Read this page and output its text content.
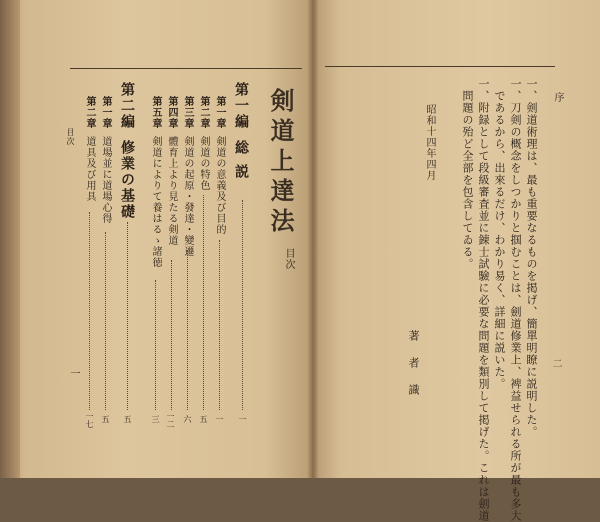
剣道上達法
目次
第一編
総説
一
第一章
剣道の意義及び目的
一
第二章
剣道の特色
五
第三章
剣道の起原・發達・變遷
六
第四章
體育上より見たる剣道
一二
第五章
剣道によりて養はるゝ諸徳
三
第二編
修業の基礎
五
第一章
道場並に道場心得
五
第二章
道具及び用具
一七
目次
一
序
一、剣道術理は、最も重要なるものを掲げ、簡單明瞭に説明した。
一、刀剣の概念をしつかりと掴むことは、劍道修業上、裨益せられる所が最も多大
　であるから、出來るだけ、わかり易く、詳細に説いた。
一、附録として段級審査並に錬士試驗に必要な問題を類別して掲げた。これは劍道
　問題の殆ど全部を包含してゐる。
昭和十四年四月
著者識	二
